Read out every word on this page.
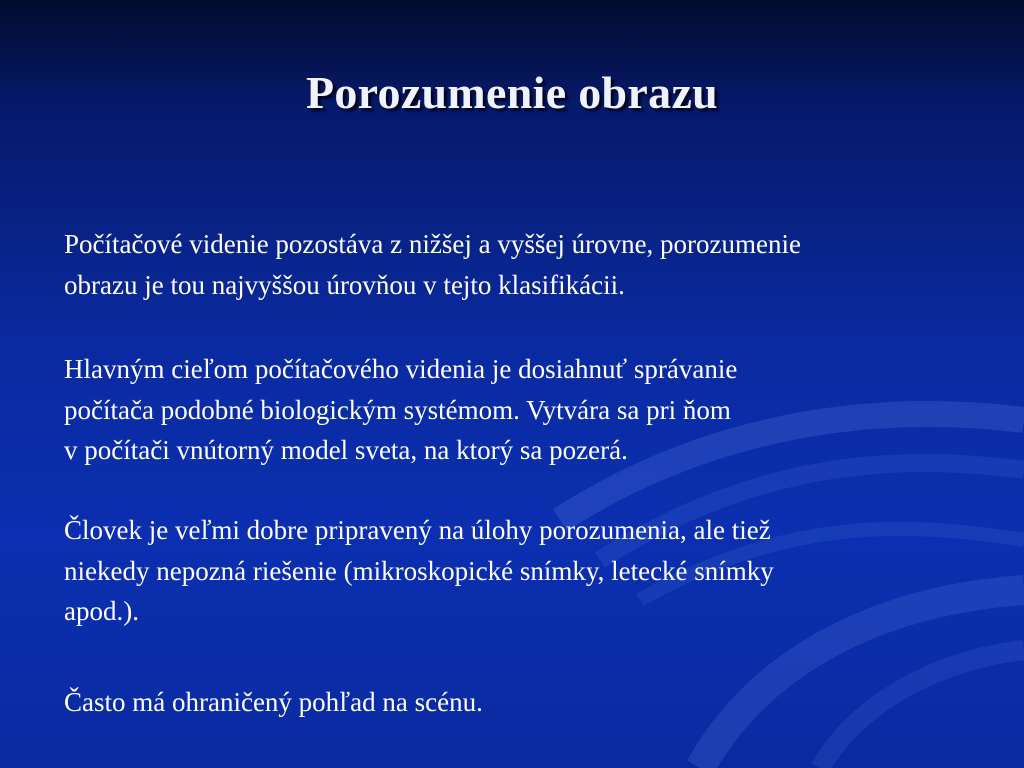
Porozumenie obrazu

Počítačové videnie pozostáva z nižšej a vyššej úrovne, porozumenie
obrazu je tou najvyššou úrovňou v tejto klasifikácii.

Hlavným cieľom počítačového videnia je dosiahnuť správanie
počítača podobné biologickým systémom. Vytvára sa pri ňom
v počítači vnútorný model sveta, na ktorý sa pozerá.

Človek je veľmi dobre pripravený na úlohy porozumenia, ale tiež
niekedy nepozná riešenie (mikroskopické snímky, letecké snímky
apod.).

Často má ohraničený pohľad na scénu.
